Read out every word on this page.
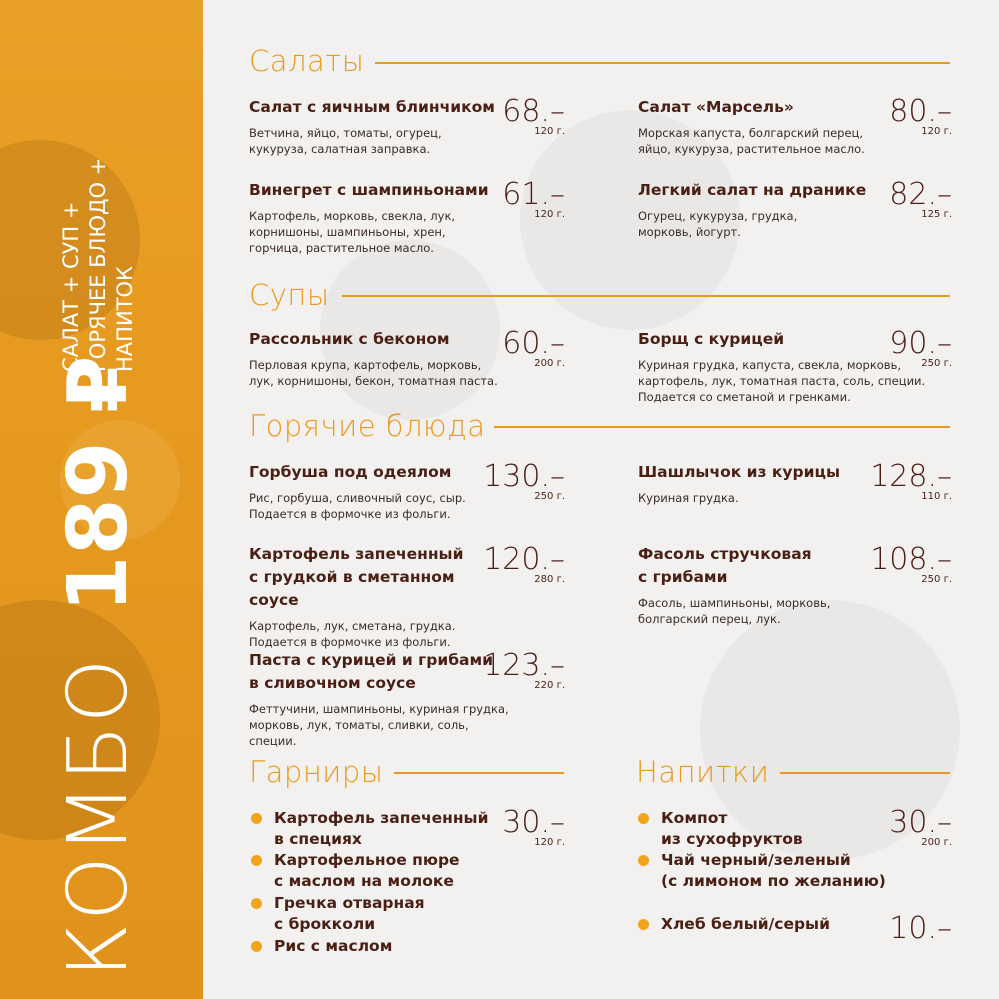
КОМБО 189 ₽
САЛАТ + СУП + ГОРЯЧЕЕ БЛЮДО + НАПИТОК
Салаты
Салат с яичным блинчиком
Ветчина, яйцо, томаты, огурец,
кукуруза, салатная заправка.
68.–
120 г.
Салат «Марсель»
Морская капуста, болгарский перец,
яйцо, кукурузa, растительное масло.
80.–
120 г.
Винегрет с шампиньонами
Картофель, морковь, свекла, лук,
корнишоны, шампиньоны, хрен,
горчица, растительное масло.
61.–
120 г.
Легкий салат на дранике
Огурец, кукуруза, грудка,
морковь, йогурт.
82.–
125 г.
Супы
Рассольник с беконом
Перловая крупа, картофель, морковь,
лук, корнишоны, бекон, томатная паста.
60.–
200 г.
Борщ с курицей
Куриная грудка, капуста, свекла, морковь,
картофель, лук, томатная паста, соль, специи.
Подается со сметаной и гренками.
90.–
250 г.
Горячие блюда
Горбуша под одеялом
Рис, горбуша, сливочный соус, сыр.
Подается в формочке из фольги.
130.–
250 г.
Шашлычок из курицы
Куриная грудка.
128.–
110 г.
Картофель запеченный
с грудкой в сметанном соусе
Картофель, лук, сметана, грудка.
Подается в формочке из фольги.
120.–
280 г.
Фасоль стручковая
с грибами
Фасоль, шампиньоны, морковь,
болгарский перец, лук.
108.–
250 г.
Паста с курицей и грибами
в сливочном соусе
Феттучини, шампиньоны, куриная грудка,
морковь, лук, томаты, сливки, соль, специи.
123.–
220 г.
Гарниры
Картофель запеченный
в специях
Картофельное пюре
с маслом на молоке
Гречка отварная
с брокколи
Рис с маслом
30.–
120 г.
Напитки
Компот
из сухофруктов
Чай черный/зеленый
(с лимоном по желанию)
Хлеб белый/серый
30.–
200 г.
10.–
